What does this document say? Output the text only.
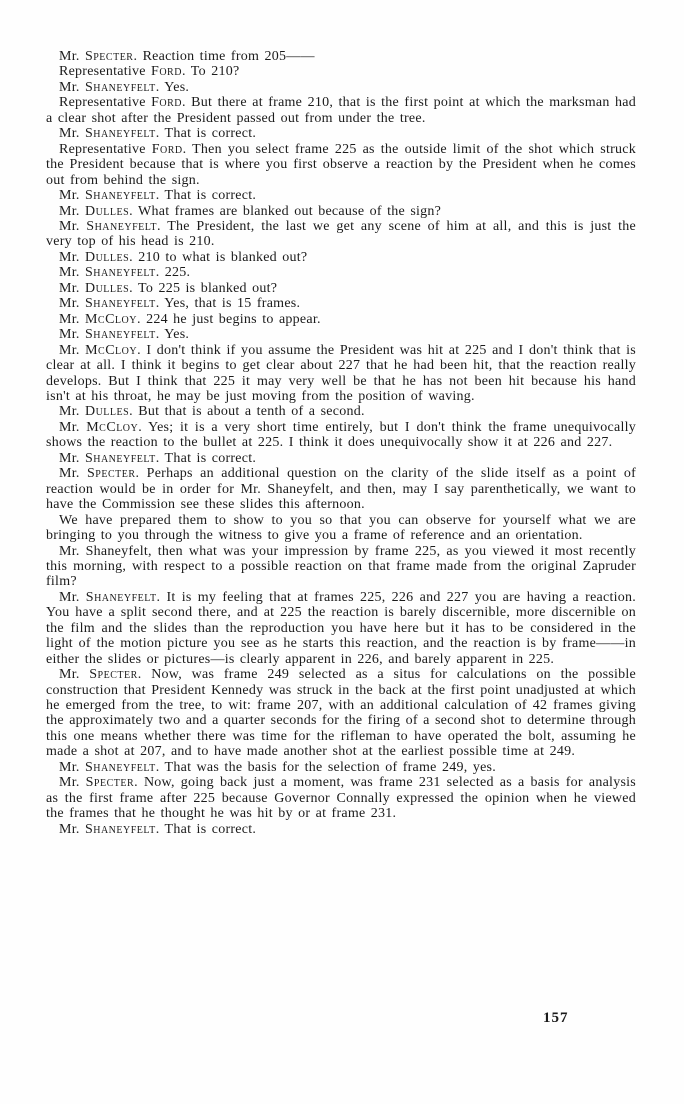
Mr. Specter. Reaction time from 205——

Representative Ford. To 210?

Mr. Shaneyfelt. Yes.

Representative Ford. But there at frame 210, that is the first point at which the marksman had a clear shot after the President passed out from under the tree.

Mr. Shaneyfelt. That is correct.

Representative Ford. Then you select frame 225 as the outside limit of the shot which struck the President because that is where you first observe a reaction by the President when he comes out from behind the sign.

Mr. Shaneyfelt. That is correct.

Mr. Dulles. What frames are blanked out because of the sign?

Mr. Shaneyfelt. The President, the last we get any scene of him at all, and this is just the very top of his head is 210.

Mr. Dulles. 210 to what is blanked out?

Mr. Shaneyfelt. 225.

Mr. Dulles. To 225 is blanked out?

Mr. Shaneyfelt. Yes, that is 15 frames.

Mr. McCloy. 224 he just begins to appear.

Mr. Shaneyfelt. Yes.

Mr. McCloy. I don't think if you assume the President was hit at 225 and I don't think that is clear at all. I think it begins to get clear about 227 that he had been hit, that the reaction really develops. But I think that 225 it may very well be that he has not been hit because his hand isn't at his throat, he may be just moving from the position of waving.

Mr. Dulles. But that is about a tenth of a second.

Mr. McCloy. Yes; it is a very short time entirely, but I don't think the frame unequivocally shows the reaction to the bullet at 225. I think it does unequivocally show it at 226 and 227.

Mr. Shaneyfelt. That is correct.

Mr. Specter. Perhaps an additional question on the clarity of the slide itself as a point of reaction would be in order for Mr. Shaneyfelt, and then, may I say parenthetically, we want to have the Commission see these slides this afternoon.

We have prepared them to show to you so that you can observe for yourself what we are bringing to you through the witness to give you a frame of reference and an orientation.

Mr. Shaneyfelt, then what was your impression by frame 225, as you viewed it most recently this morning, with respect to a possible reaction on that frame made from the original Zapruder film?

Mr. Shaneyfelt. It is my feeling that at frames 225, 226 and 227 you are having a reaction. You have a split second there, and at 225 the reaction is barely discernible, more discernible on the film and the slides than the reproduction you have here but it has to be considered in the light of the motion picture you see as he starts this reaction, and the reaction is by frame——in either the slides or pictures—is clearly apparent in 226, and barely apparent in 225.

Mr. Specter. Now, was frame 249 selected as a situs for calculations on the possible construction that President Kennedy was struck in the back at the first point unadjusted at which he emerged from the tree, to wit: frame 207, with an additional calculation of 42 frames giving the approximately two and a quarter seconds for the firing of a second shot to determine through this one means whether there was time for the rifleman to have operated the bolt, assuming he made a shot at 207, and to have made another shot at the earliest possible time at 249.

Mr. Shaneyfelt. That was the basis for the selection of frame 249, yes.

Mr. Specter. Now, going back just a moment, was frame 231 selected as a basis for analysis as the first frame after 225 because Governor Connally expressed the opinion when he viewed the frames that he thought he was hit by or at frame 231.

Mr. Shaneyfelt. That is correct.

157
